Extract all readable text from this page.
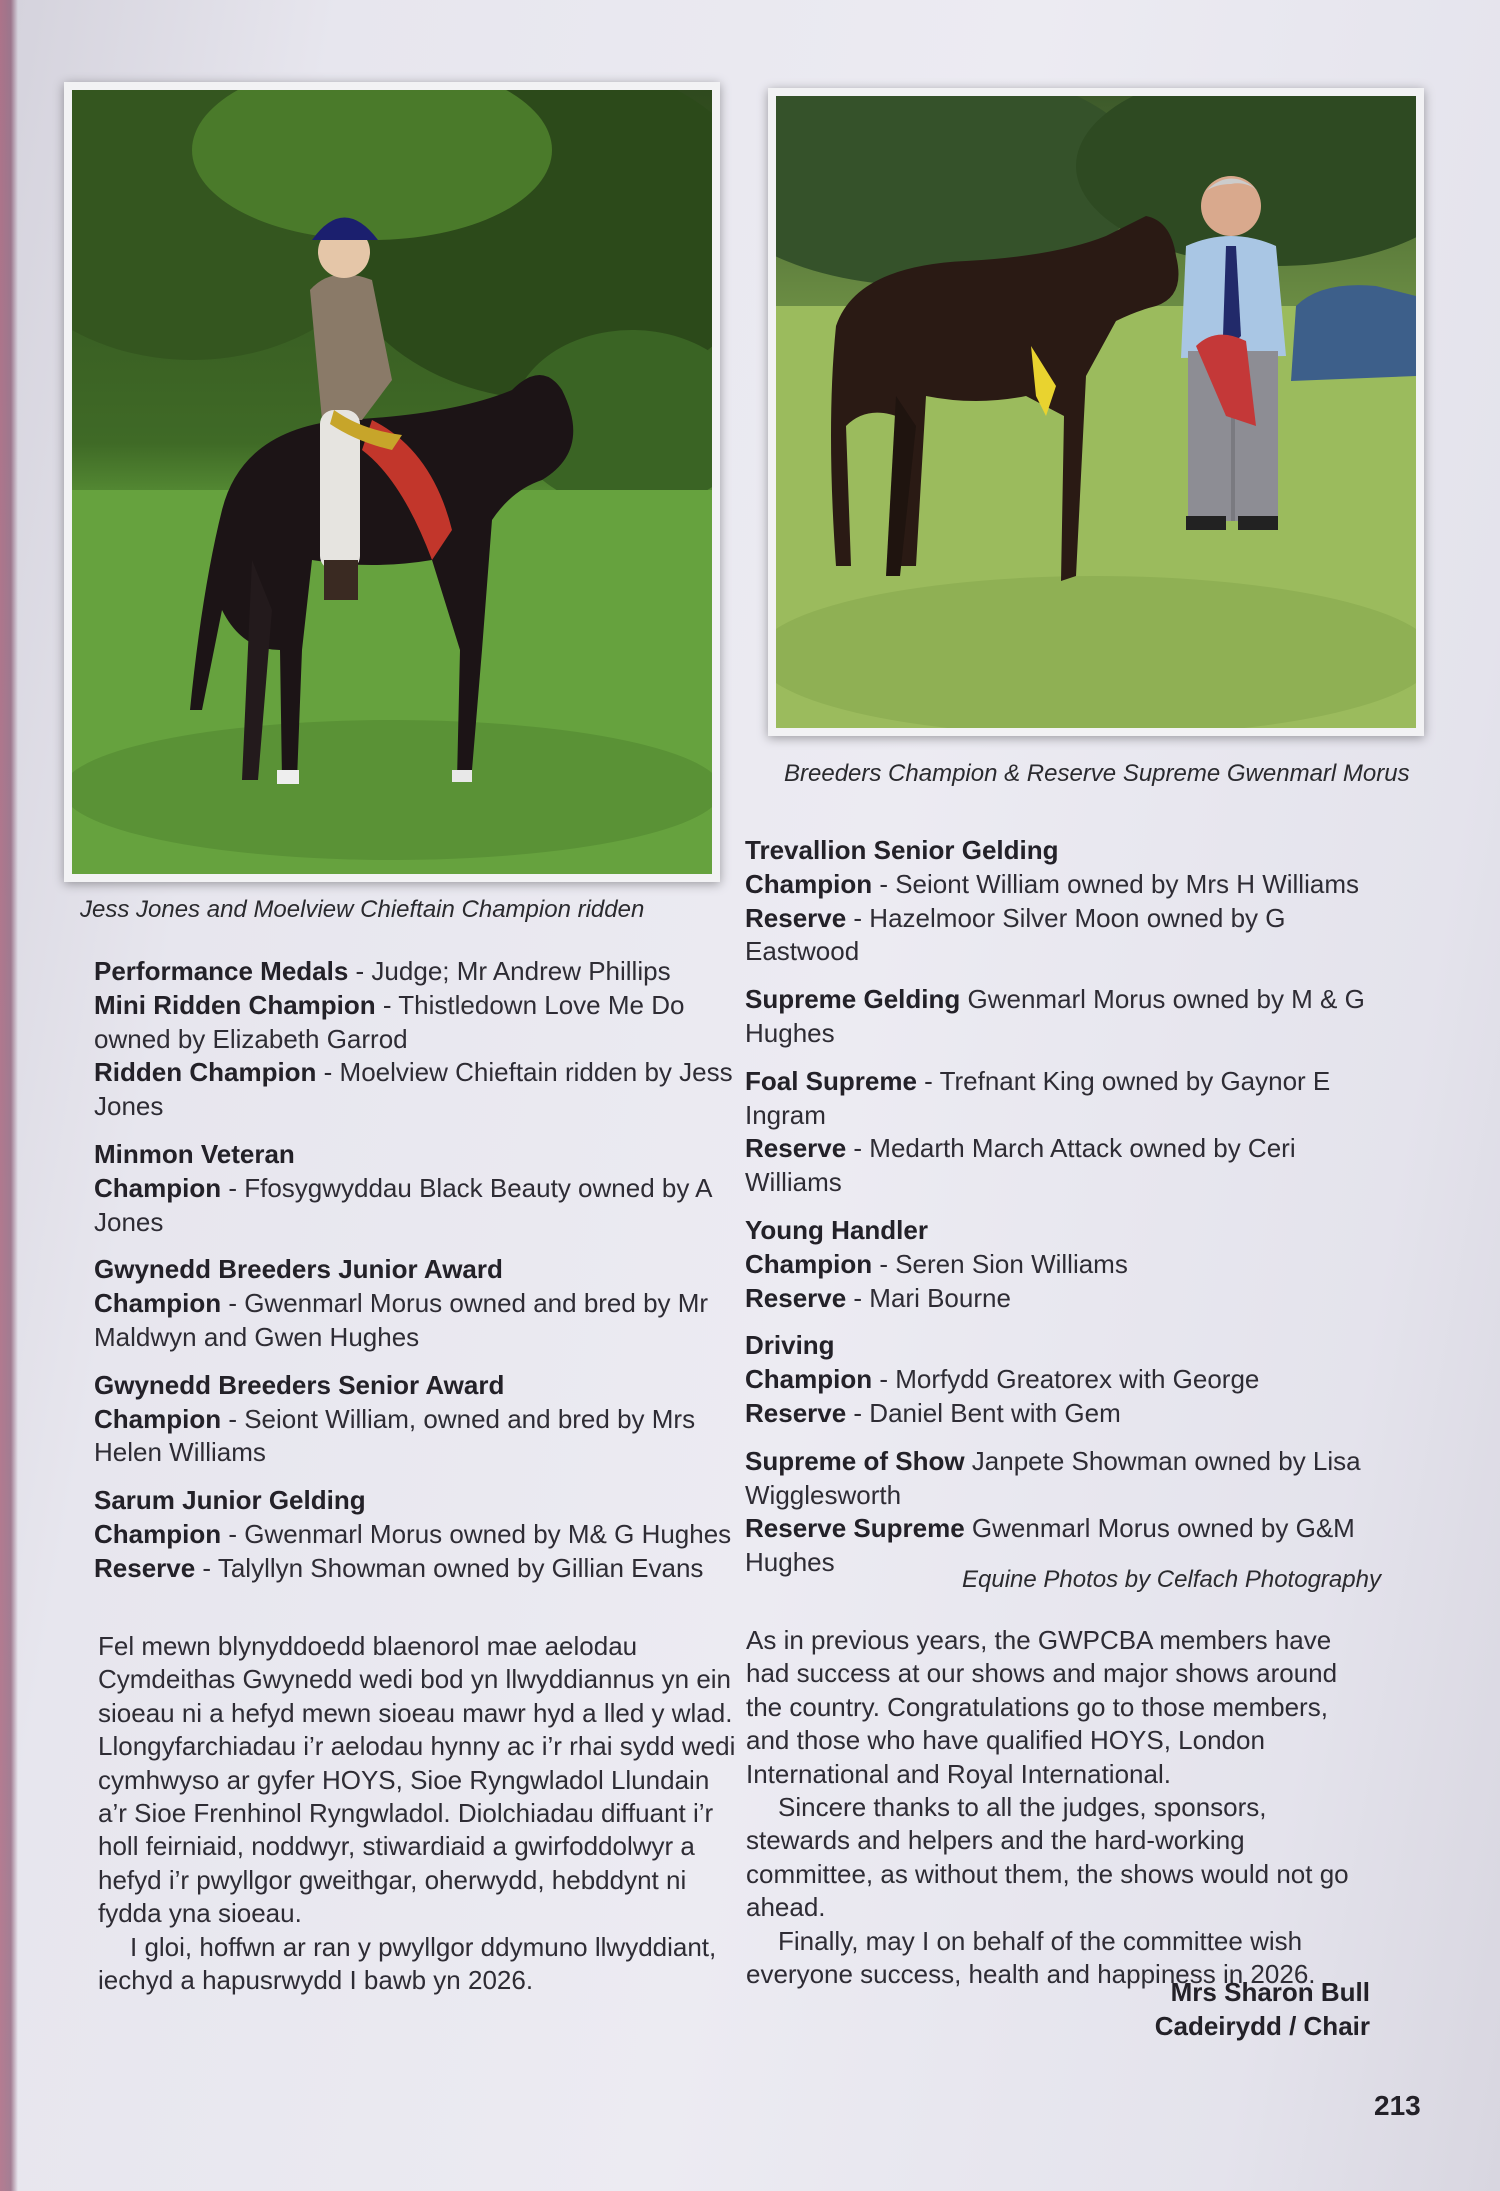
Jess Jones and Moelview Chieftain Champion ridden
Breeders Champion & Reserve Supreme Gwenmarl Morus
Performance Medals - Judge; Mr Andrew Phillips
Mini Ridden Champion - Thistledown Love Me Do
owned by Elizabeth Garrod
Ridden Champion - Moelview Chieftain ridden by Jess
Jones
Minmon Veteran
Champion - Ffosygwyddau Black Beauty owned by A
Jones
Gwynedd Breeders Junior Award
Champion - Gwenmarl Morus owned and bred by Mr
Maldwyn and Gwen Hughes
Gwynedd Breeders Senior Award
Champion - Seiont William, owned and bred by Mrs
Helen Williams
Sarum Junior Gelding
Champion - Gwenmarl Morus owned by M& G Hughes
Reserve - Talyllyn Showman owned by Gillian Evans
Trevallion Senior Gelding
Champion - Seiont William owned by Mrs H Williams
Reserve - Hazelmoor Silver Moon owned by G Eastwood
Supreme Gelding Gwenmarl Morus owned by M & G
Hughes
Foal Supreme - Trefnant King owned by Gaynor E
Ingram
Reserve - Medarth March Attack owned by Ceri
Williams
Young Handler
Champion - Seren Sion Williams
Reserve - Mari Bourne
Driving
Champion - Morfydd Greatorex with George
Reserve - Daniel Bent with Gem
Supreme of Show Janpete Showman owned by Lisa
Wigglesworth
Reserve Supreme Gwenmarl Morus owned by G&M
Hughes
Equine Photos by Celfach Photography
Fel mewn blynyddoedd blaenorol mae aelodau Cymdeithas Gwynedd wedi bod yn llwyddiannus yn ein sioeau ni a hefyd mewn sioeau mawr hyd a lled y wlad. Llongyfarchiadau i’r aelodau hynny ac i’r rhai sydd wedi cymhwyso ar gyfer HOYS, Sioe Ryngwladol Llundain a’r Sioe Frenhinol Ryngwladol. Diolchiadau diffuant i’r holl feirniaid, noddwyr, stiwardiaid a gwirfoddolwyr a hefyd i’r pwyllgor gweithgar, oherwydd, hebddynt ni fydda yna sioeau.
I gloi, hoffwn ar ran y pwyllgor ddymuno llwyddiant, iechyd a hapusrwydd I bawb yn 2026.
As in previous years, the GWPCBA members have had success at our shows and major shows around the country. Congratulations go to those members, and those who have qualified HOYS, London International and Royal International.
Sincere thanks to all the judges, sponsors, stewards and helpers and the hard-working committee, as without them, the shows would not go ahead.
Finally, may I on behalf of the committee wish everyone success, health and happiness in 2026.
Mrs Sharon Bull
Cadeirydd / Chair
213
